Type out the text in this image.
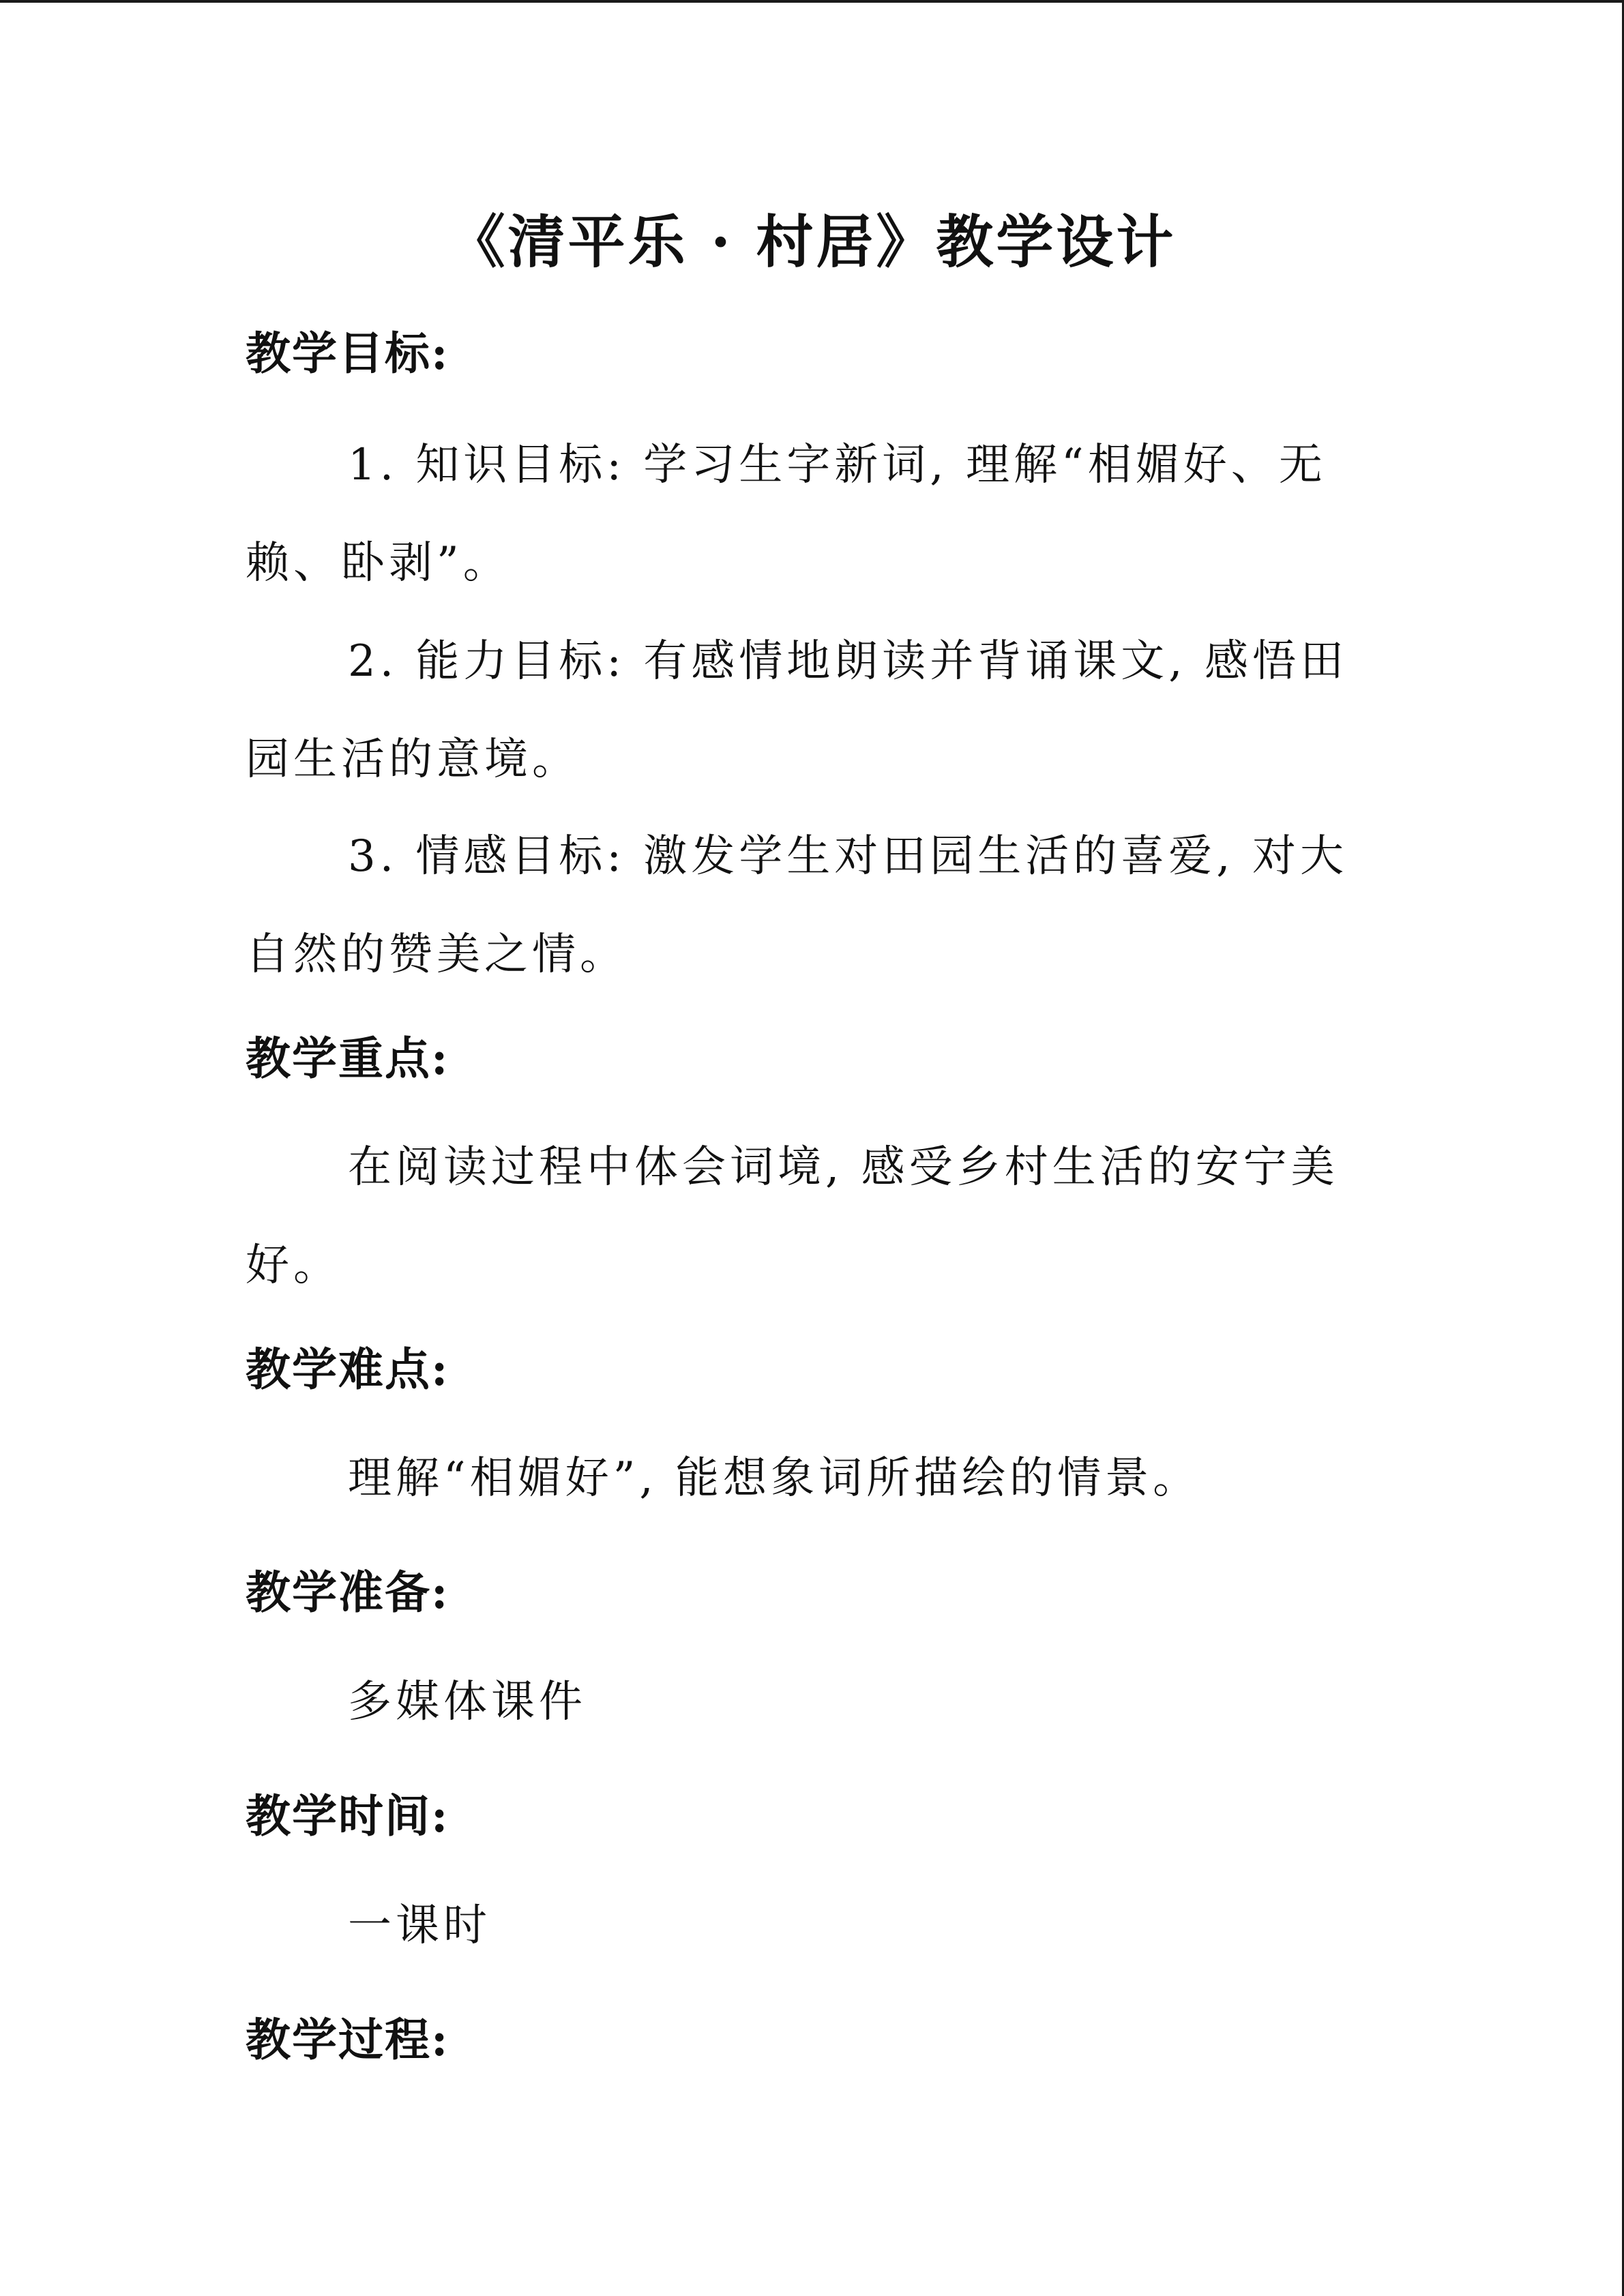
《清平乐 · 村居》教学设计
教学目标:

1. 知识目标: 学习生字新词, 理解“相媚好、无赖、卧剥”。

2. 能力目标: 有感情地朗读并背诵课文, 感悟田园生活的意境。

3. 情感目标: 激发学生对田园生活的喜爱, 对大自然的赞美之情。

教学重点:

在阅读过程中体会词境, 感受乡村生活的安宁美好。

教学难点:
理解“相媚好”, 能想象词所描绘的情景。
教学准备:
多媒体课件
教学时间:
一课时
教学过程:
